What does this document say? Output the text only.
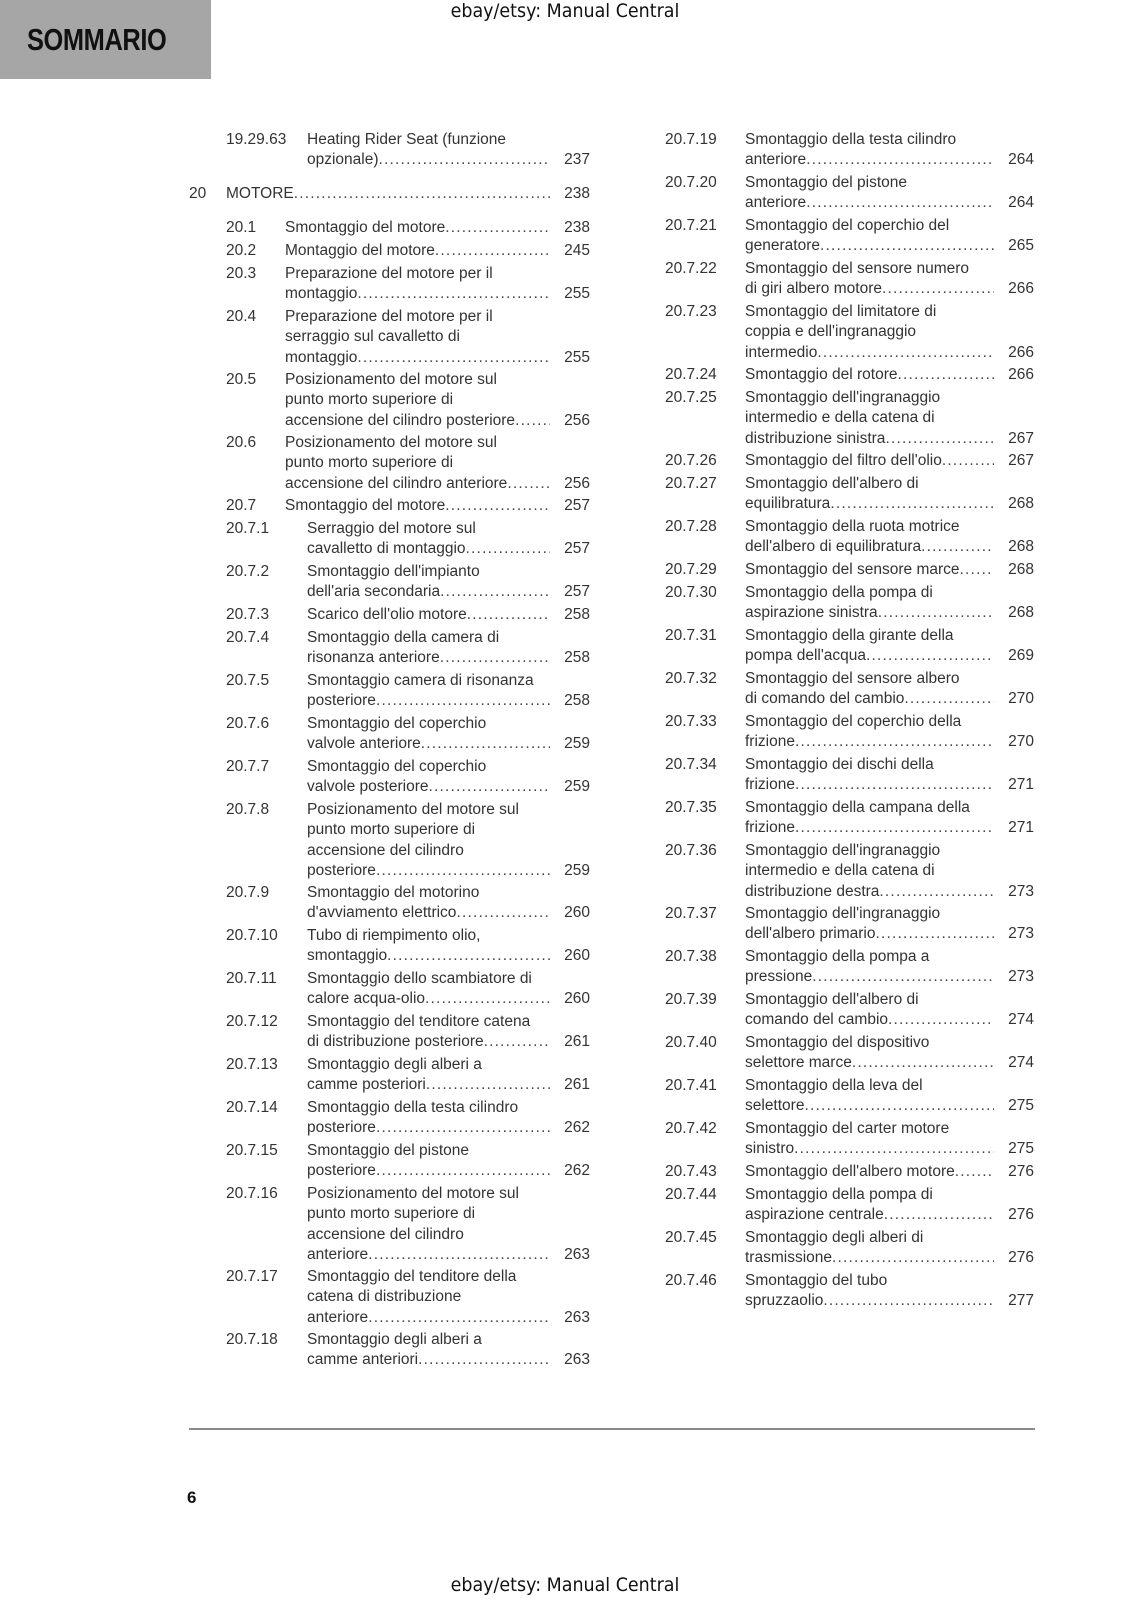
SOMMARIO
ebay/etsy: Manual Central
19.29.63 Heating Rider Seat (funzione
opzionale) .....	237
20 MOTORE .....	238
20.1 Smontaggio del motore .....	238
20.2 Montaggio del motore .....	245
20.3 Preparazione del motore per il
montaggio .....	255
20.4 Preparazione del motore per il
serraggio sul cavalletto di
montaggio .....	255
20.5 Posizionamento del motore sul
punto morto superiore di
accensione del cilindro posteriore .....	256
20.6 Posizionamento del motore sul
punto morto superiore di
accensione del cilindro anteriore .....	256
20.7 Smontaggio del motore .....	257
20.7.1 Serraggio del motore sul
cavalletto di montaggio .....	257
20.7.2 Smontaggio dell'impianto
dell'aria secondaria .....	257
20.7.3 Scarico dell'olio motore .....	258
20.7.4 Smontaggio della camera di
risonanza anteriore .....	258
20.7.5 Smontaggio camera di risonanza
posteriore .....	258
20.7.6 Smontaggio del coperchio
valvole anteriore .....	259
20.7.7 Smontaggio del coperchio
valvole posteriore .....	259
20.7.8 Posizionamento del motore sul
punto morto superiore di
accensione del cilindro
posteriore .....	259
20.7.9 Smontaggio del motorino
d'avviamento elettrico .....	260
20.7.10 Tubo di riempimento olio,
smontaggio .....	260
20.7.11 Smontaggio dello scambiatore di
calore acqua-olio .....	260
20.7.12 Smontaggio del tenditore catena
di distribuzione posteriore .....	261
20.7.13 Smontaggio degli alberi a
camme posteriori .....	261
20.7.14 Smontaggio della testa cilindro
posteriore .....	262
20.7.15 Smontaggio del pistone
posteriore .....	262
20.7.16 Posizionamento del motore sul
punto morto superiore di
accensione del cilindro
anteriore .....	263
20.7.17 Smontaggio del tenditore della
catena di distribuzione
anteriore .....	263
20.7.18 Smontaggio degli alberi a
camme anteriori .....	263
20.7.19 Smontaggio della testa cilindro
anteriore .....	264
20.7.20 Smontaggio del pistone
anteriore .....	264
20.7.21 Smontaggio del coperchio del
generatore .....	265
20.7.22 Smontaggio del sensore numero
di giri albero motore .....	266
20.7.23 Smontaggio del limitatore di
coppia e dell'ingranaggio
intermedio .....	266
20.7.24 Smontaggio del rotore .....	266
20.7.25 Smontaggio dell'ingranaggio
intermedio e della catena di
distribuzione sinistra .....	267
20.7.26 Smontaggio del filtro dell'olio .....	267
20.7.27 Smontaggio dell'albero di
equilibratura .....	268
20.7.28 Smontaggio della ruota motrice
dell'albero di equilibratura .....	268
20.7.29 Smontaggio del sensore marce .....	268
20.7.30 Smontaggio della pompa di
aspirazione sinistra .....	268
20.7.31 Smontaggio della girante della
pompa dell'acqua .....	269
20.7.32 Smontaggio del sensore albero
di comando del cambio .....	270
20.7.33 Smontaggio del coperchio della
frizione .....	270
20.7.34 Smontaggio dei dischi della
frizione .....	271
20.7.35 Smontaggio della campana della
frizione .....	271
20.7.36 Smontaggio dell'ingranaggio
intermedio e della catena di
distribuzione destra .....	273
20.7.37 Smontaggio dell'ingranaggio
dell'albero primario .....	273
20.7.38 Smontaggio della pompa a
pressione .....	273
20.7.39 Smontaggio dell'albero di
comando del cambio .....	274
20.7.40 Smontaggio del dispositivo
selettore marce .....	274
20.7.41 Smontaggio della leva del
selettore .....	275
20.7.42 Smontaggio del carter motore
sinistro .....	275
20.7.43 Smontaggio dell'albero motore .....	276
20.7.44 Smontaggio della pompa di
aspirazione centrale .....	276
20.7.45 Smontaggio degli alberi di
trasmissione .....	276
20.7.46 Smontaggio del tubo
spruzzaolio .....	277
6
ebay/etsy: Manual Central
